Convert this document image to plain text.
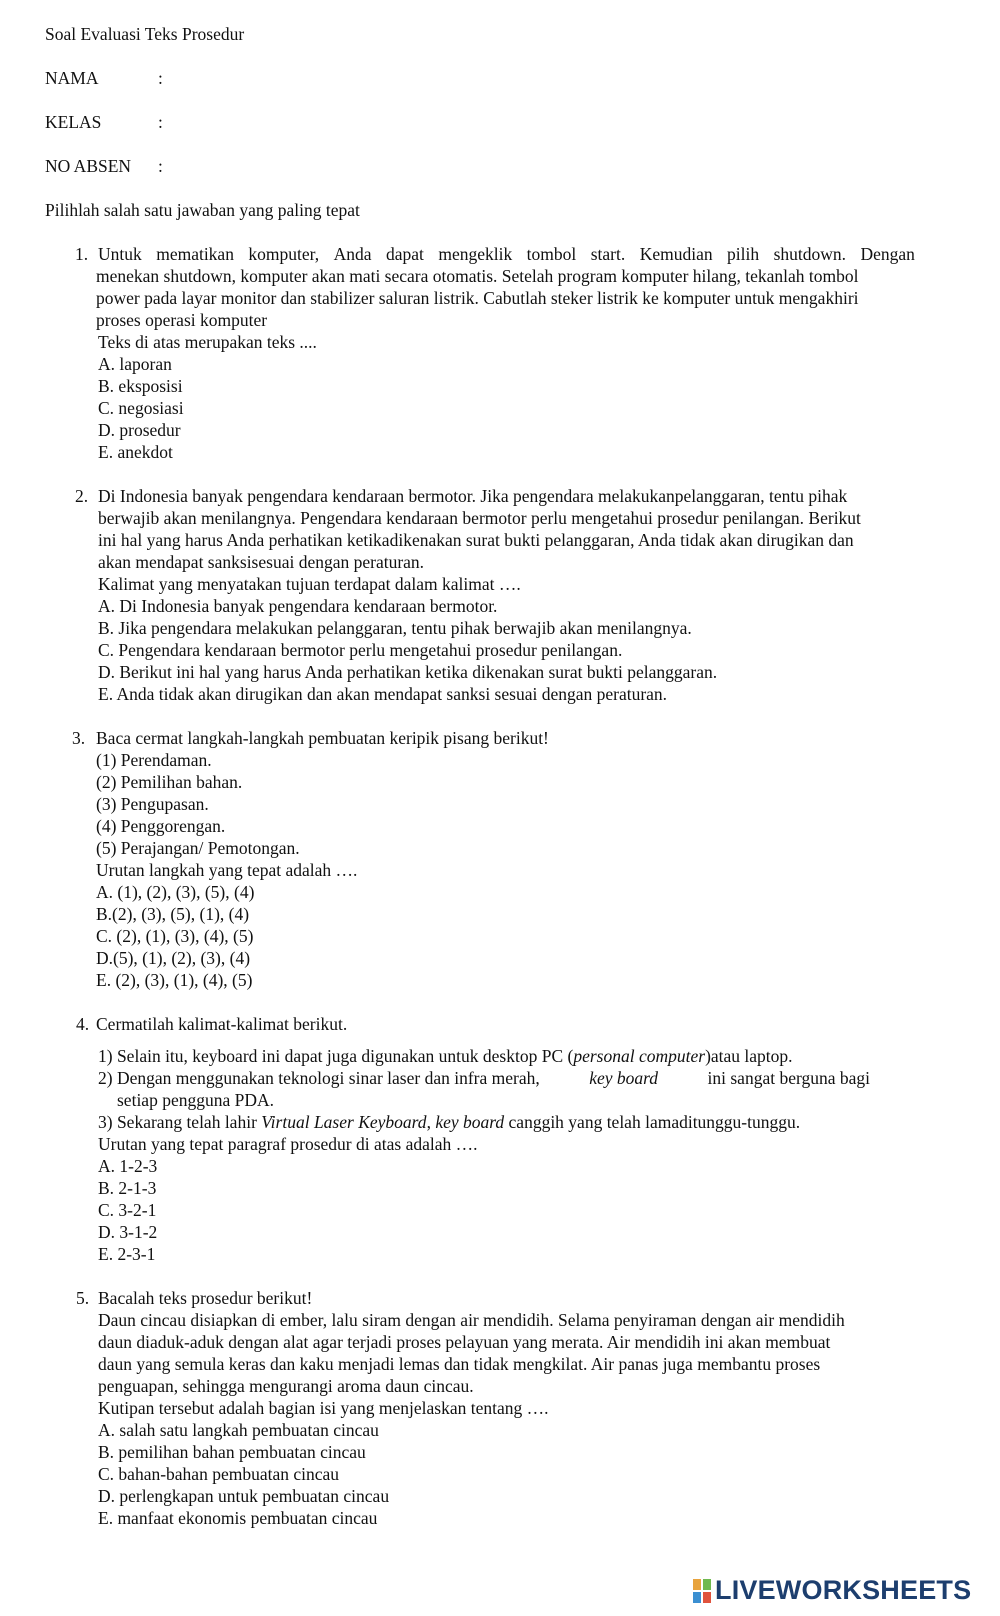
Soal Evaluasi Teks Prosedur
NAMA	:
KELAS	:
NO ABSEN :
Pilihlah salah satu jawaban yang paling tepat
1. Untuk mematikan komputer, Anda dapat mengeklik tombol start. Kemudian pilih shutdown. Dengan
menekan shutdown, komputer akan mati secara otomatis. Setelah program komputer hilang, tekanlah tombol
power pada layar monitor dan stabilizer saluran listrik. Cabutlah steker listrik ke komputer untuk mengakhiri
proses operasi komputer
Teks di atas merupakan teks ....
A. laporan
B. eksposisi
C. negosiasi
D. prosedur
E. anekdot
2. Di Indonesia banyak pengendara kendaraan bermotor. Jika pengendara melakukanpelanggaran, tentu pihak
berwajib akan menilangnya. Pengendara kendaraan bermotor perlu mengetahui prosedur penilangan. Berikut
ini hal yang harus Anda perhatikan ketikadikenakan surat bukti pelanggaran, Anda tidak akan dirugikan dan
akan mendapat sanksisesuai dengan peraturan.
Kalimat yang menyatakan tujuan terdapat dalam kalimat ….
A. Di Indonesia banyak pengendara kendaraan bermotor.
B. Jika pengendara melakukan pelanggaran, tentu pihak berwajib akan menilangnya.
C. Pengendara kendaraan bermotor perlu mengetahui prosedur penilangan.
D. Berikut ini hal yang harus Anda perhatikan ketika dikenakan surat bukti pelanggaran.
E. Anda tidak akan dirugikan dan akan mendapat sanksi sesuai dengan peraturan.
3. Baca cermat langkah-langkah pembuatan keripik pisang berikut!
(1) Perendaman.
(2) Pemilihan bahan.
(3) Pengupasan.
(4) Penggorengan.
(5) Perajangan/ Pemotongan.
Urutan langkah yang tepat adalah ….
A. (1), (2), (3), (5), (4)
B.(2), (3), (5), (1), (4)
C. (2), (1), (3), (4), (5)
D.(5), (1), (2), (3), (4)
E. (2), (3), (1), (4), (5)
4. Cermatilah kalimat-kalimat berikut.
1) Selain itu, keyboard ini dapat juga digunakan untuk desktop PC (personal computer)atau laptop.
2) Dengan menggunakan teknologi sinar laser dan infra merah,	key board	ini sangat berguna bagi
setiap pengguna PDA.
3) Sekarang telah lahir Virtual Laser Keyboard, key board canggih yang telah lamaditunggu-tunggu.
Urutan yang tepat paragraf prosedur di atas adalah ….
A. 1-2-3
B. 2-1-3
C. 3-2-1
D. 3-1-2
E. 2-3-1
5. Bacalah teks prosedur berikut!
Daun cincau disiapkan di ember, lalu siram dengan air mendidih. Selama penyiraman dengan air mendidih
daun diaduk-aduk dengan alat agar terjadi proses pelayuan yang merata. Air mendidih ini akan membuat
daun yang semula keras dan kaku menjadi lemas dan tidak mengkilat. Air panas juga membantu proses
penguapan, sehingga mengurangi aroma daun cincau.
Kutipan tersebut adalah bagian isi yang menjelaskan tentang ….
A. salah satu langkah pembuatan cincau
B. pemilihan bahan pembuatan cincau
C. bahan-bahan pembuatan cincau
D. perlengkapan untuk pembuatan cincau
E. manfaat ekonomis pembuatan cincau
LIVEWORKSHEETS
